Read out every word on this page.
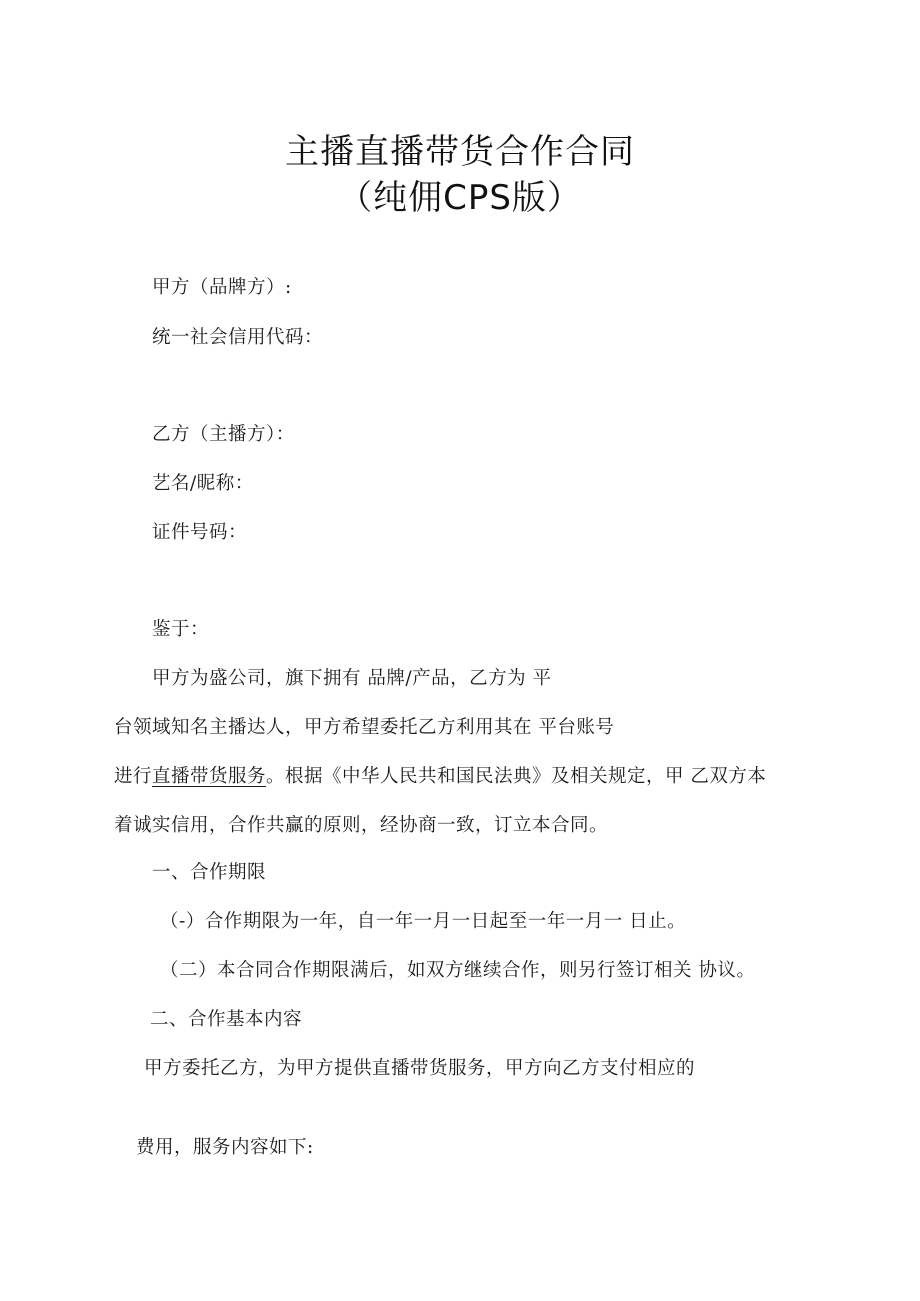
主播直播带货合作合同
（纯佣CPS版）
甲方（品牌方）:
统一社会信用代码：
乙方（主播方）：
艺名/昵称：
证件号码：
鉴于：
甲方为盛公司，旗下拥有 品牌/产品，乙方为 平
台领域知名主播达人，甲方希望委托乙方利用其在 平台账号
进行直播带货服务。根据《中华人民共和国民法典》及相关规定，甲 乙双方本
着诚实信用，合作共赢的原则，经协商一致，订立本合同。
一、合作期限
（-）合作期限为一年，自一年一月一日起至一年一月一 日止。
（二）本合同合作期限满后，如双方继续合作，则另行签订相关 协议。
二、合作基本内容
甲方委托乙方，为甲方提供直播带货服务，甲方向乙方支付相应的
费用，服务内容如下:
